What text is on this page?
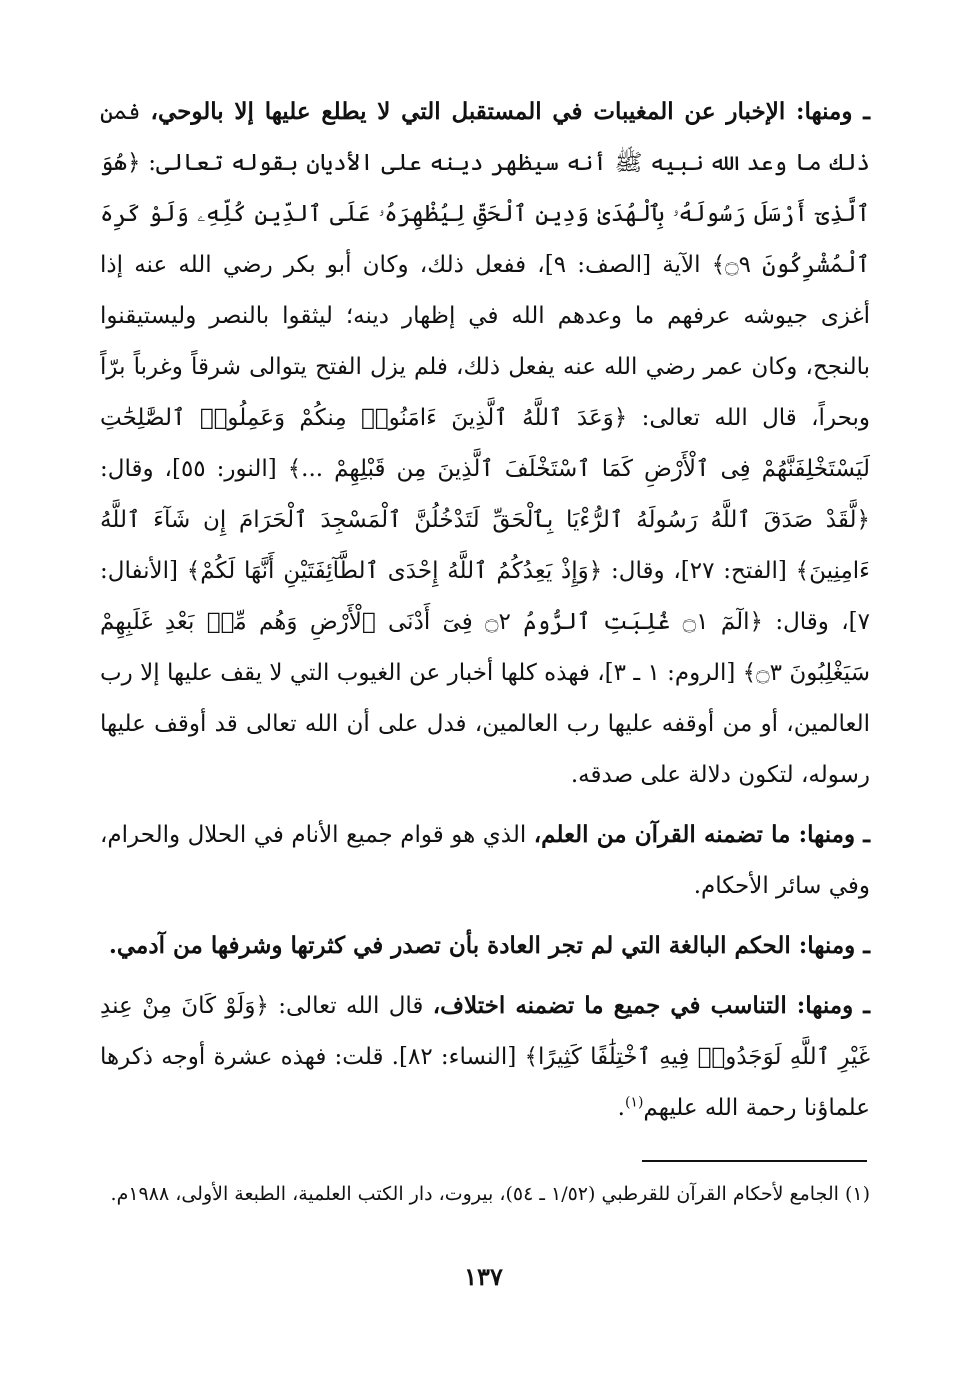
ـ ومنها: الإخبار عن المغيبات في المستقبل التي لا يطلع عليها إلا بالوحي، فمن ذلك ما وعد الله نبيه ﷺ أنه سيظهر دينه على الأديان بقوله تعالى: ﴿هُوَ ٱلَّذِىٓ أَرْسَلَ رَسُولَهُۥ بِٱلْهُدَىٰ وَدِينِ ٱلْحَقِّ لِيُظْهِرَهُۥ عَلَى ٱلدِّينِ كُلِّهِۦ وَلَوْ كَرِهَ ٱلْمُشْرِكُونَ ۝٩﴾ الآية [الصف: ٩]، ففعل ذلك، وكان أبو بكر رضي الله عنه إذا أغزى جيوشه عرفهم ما وعدهم الله في إظهار دينه؛ ليثقوا بالنصر وليستيقنوا بالنجح، وكان عمر رضي الله عنه يفعل ذلك، فلم يزل الفتح يتوالى شرقاً وغرباً برّاً وبحراً، قال الله تعالى: ﴿وَعَدَ ٱللَّهُ ٱلَّذِينَ ءَامَنُوا۟ مِنكُمْ وَعَمِلُوا۟ ٱلصَّٰلِحَٰتِ لَيَسْتَخْلِفَنَّهُمْ فِى ٱلْأَرْضِ كَمَا ٱسْتَخْلَفَ ٱلَّذِينَ مِن قَبْلِهِمْ ...﴾ [النور: ٥٥]، وقال: ﴿لَّقَدْ صَدَقَ ٱللَّهُ رَسُولَهُ ٱلرُّءْيَا بِٱلْحَقِّ لَتَدْخُلُنَّ ٱلْمَسْجِدَ ٱلْحَرَامَ إِن شَآءَ ٱللَّهُ ءَامِنِينَ﴾ [الفتح: ٢٧]، وقال: ﴿وَإِذْ يَعِدُكُمُ ٱللَّهُ إِحْدَى ٱلطَّآئِفَتَيْنِ أَنَّهَا لَكُمْ﴾ [الأنفال: ٧]، وقال: ﴿الٓمٓ ۝١ غُلِبَتِ ٱلرُّومُ ۝٢ فِىٓ أَدْنَى ٱلْأَرْضِ وَهُم مِّنۢ بَعْدِ غَلَبِهِمْ سَيَغْلِبُونَ ۝٣﴾ [الروم: ١ ـ ٣]، فهذه كلها أخبار عن الغيوب التي لا يقف عليها إلا رب العالمين، أو من أوقفه عليها رب العالمين، فدل على أن الله تعالى قد أوقف عليها رسوله، لتكون دلالة على صدقه.

ـ ومنها: ما تضمنه القرآن من العلم، الذي هو قوام جميع الأنام في الحلال والحرام، وفي سائر الأحكام.

ـ ومنها: الحكم البالغة التي لم تجر العادة بأن تصدر في كثرتها وشرفها من آدمي.

ـ ومنها: التناسب في جميع ما تضمنه اختلاف، قال الله تعالى: ﴿وَلَوْ كَانَ مِنْ عِندِ غَيْرِ ٱللَّهِ لَوَجَدُوا۟ فِيهِ ٱخْتِلَٰفًا كَثِيرًا﴾ [النساء: ٨٢]. قلت: فهذه عشرة أوجه ذكرها علماؤنا رحمة الله عليهم$^{(١)}$.

(١) الجامع لأحكام القرآن للقرطبي (١/٥٢ ـ ٥٤)، بيروت، دار الكتب العلمية، الطبعة الأولى، ١٩٨٨م.
١٣٧
